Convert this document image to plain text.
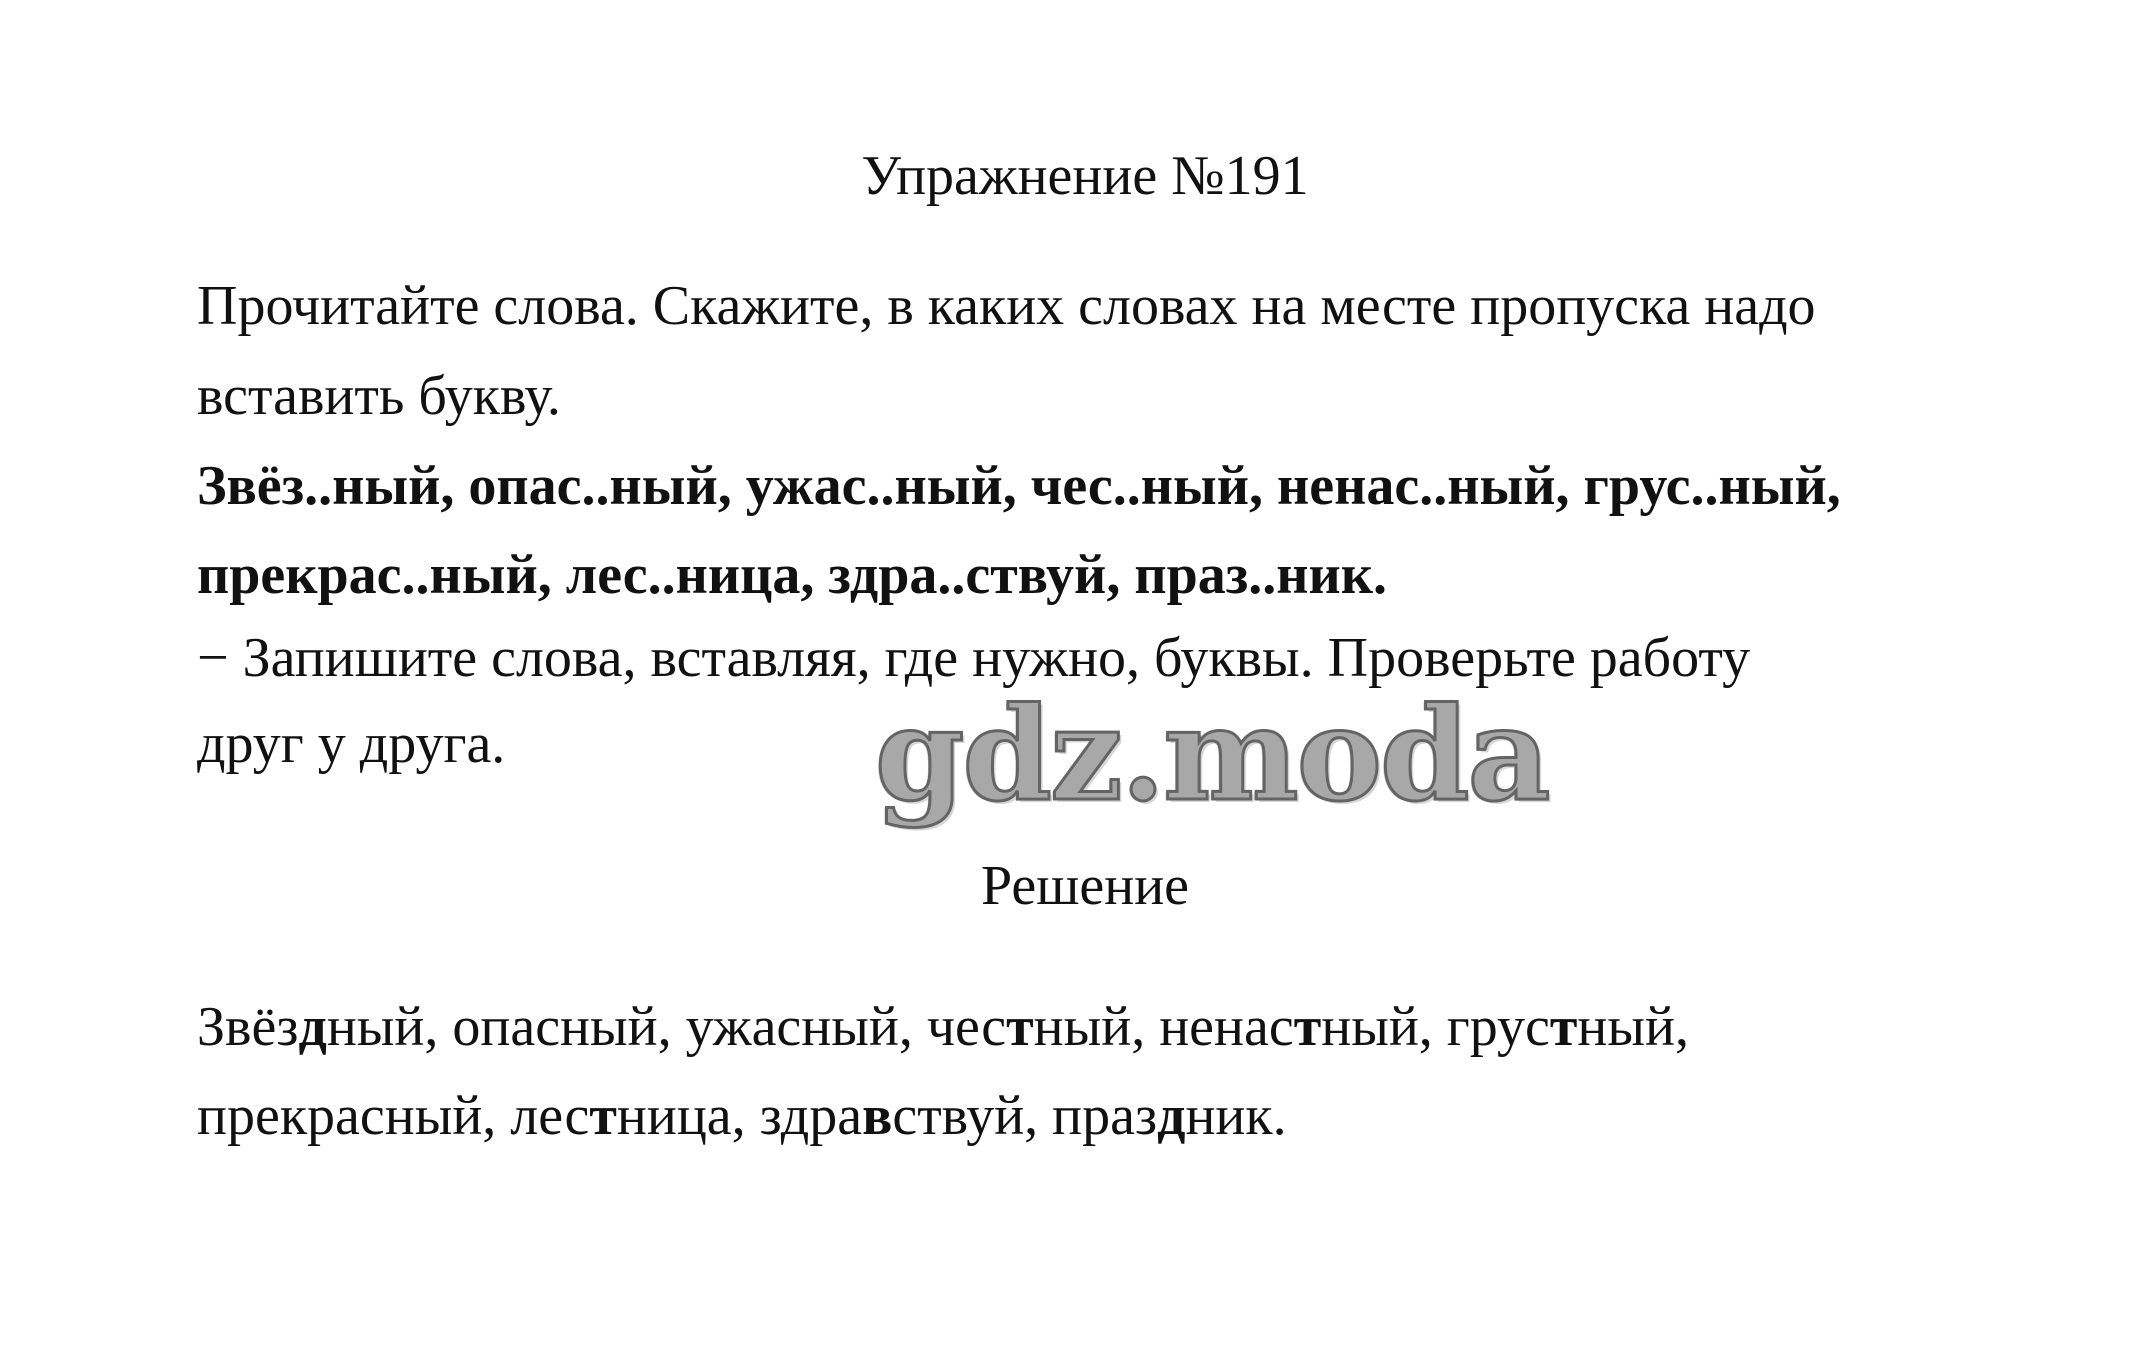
Упражнение №191
Прочитайте слова. Скажите, в каких словах на месте пропуска надо
вставить букву.
Звёз..ный, опас..ный, ужас..ный, чес..ный, ненас..ный, грус..ный,
прекрас..ный, лес..ница, здра..ствуй, праз..ник.
− Запишите слова, вставляя, где нужно, буквы. Проверьте работу
друг у друга.	gdz.moda
Решение
Звёздный, опасный, ужасный, честный, ненастный, грустный,
прекрасный, лестница, здравствуй, праздник.
